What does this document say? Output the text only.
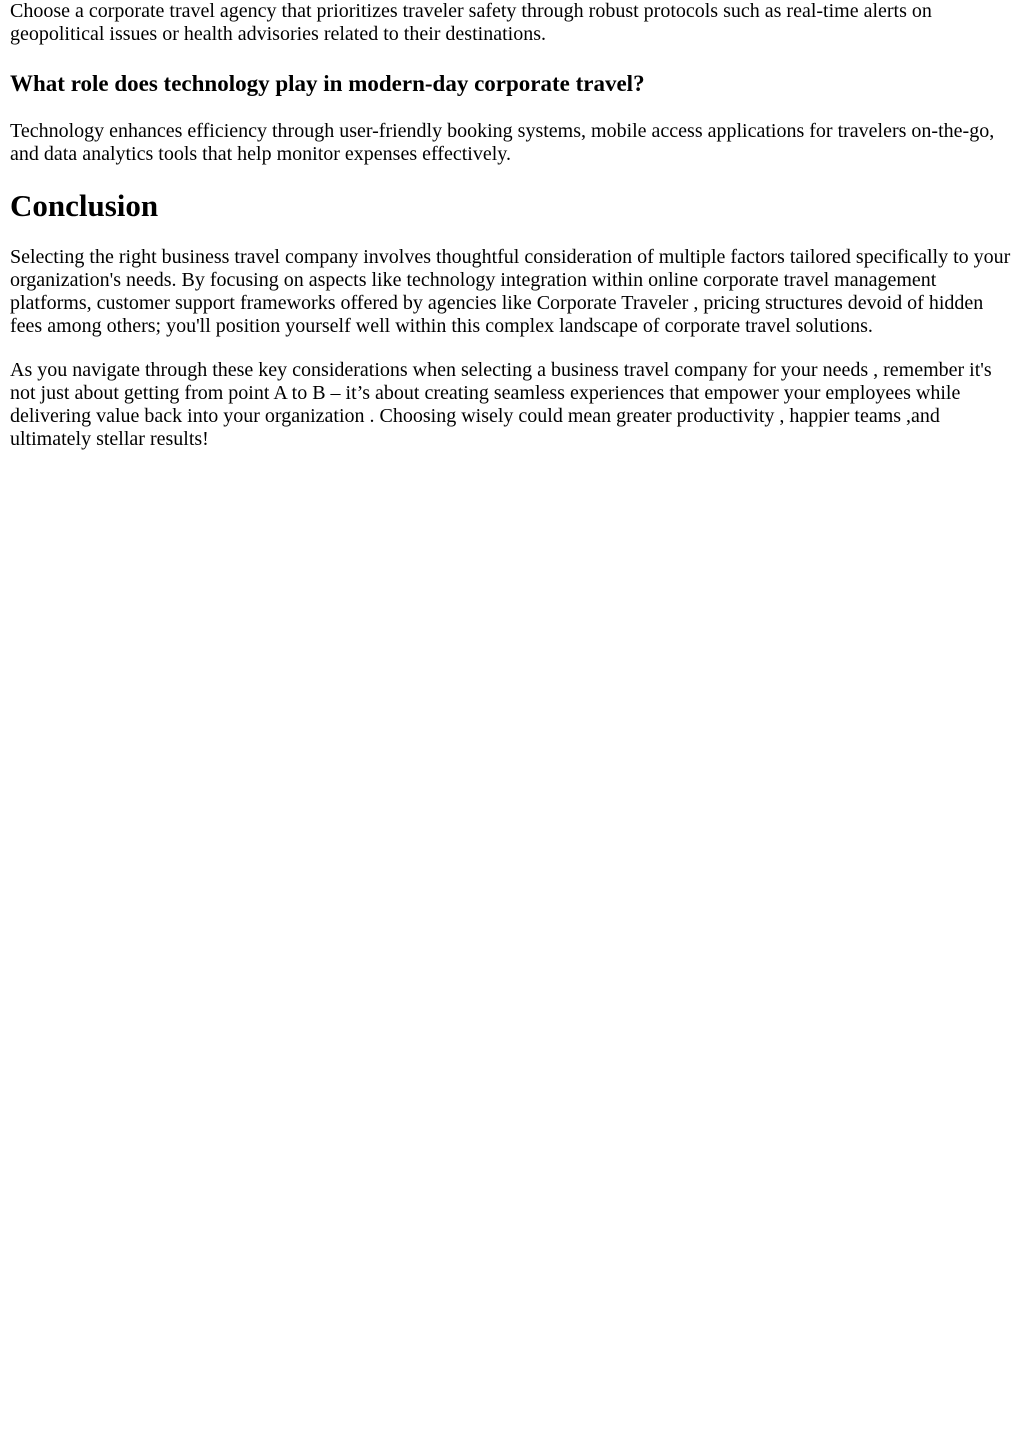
Choose a corporate travel agency that prioritizes traveler safety through robust protocols such as real-time alerts on geopolitical issues or health advisories related to their destinations.

What role does technology play in modern-day corporate travel?

Technology enhances efficiency through user-friendly booking systems, mobile access applications for travelers on-the-go, and data analytics tools that help monitor expenses effectively.

Conclusion

Selecting the right business travel company involves thoughtful consideration of multiple factors tailored specifically to your organization's needs. By focusing on aspects like technology integration within online corporate travel management platforms, customer support frameworks offered by agencies like Corporate Traveler , pricing structures devoid of hidden fees among others; you'll position yourself well within this complex landscape of corporate travel solutions.

As you navigate through these key considerations when selecting a business travel company for your needs , remember it's not just about getting from point A to B – it’s about creating seamless experiences that empower your employees while delivering value back into your organization . Choosing wisely could mean greater productivity , happier teams ,and ultimately stellar results!
